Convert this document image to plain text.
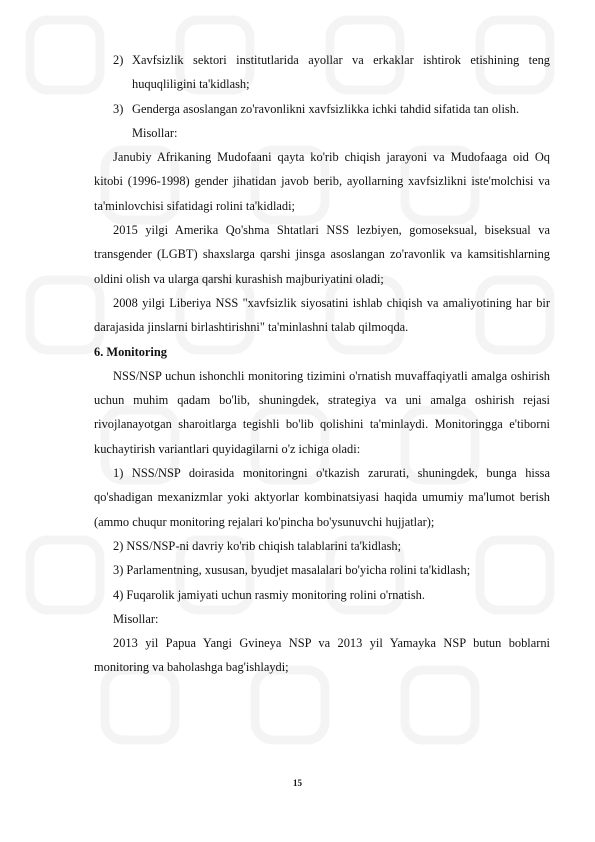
2) Xavfsizlik sektori institutlarida ayollar va erkaklar ishtirok etishining teng huquqliligini ta'kidlash;
3) Genderga asoslangan zo'ravonlikni xavfsizlikka ichki tahdid sifatida tan olish.
Misollar:
Janubiy Afrikaning Mudofaani qayta ko'rib chiqish jarayoni va Mudofaaga oid Oq kitobi (1996-1998) gender jihatidan javob berib, ayollarning xavfsizlikni iste'molchisi va ta'minlovchisi sifatidagi rolini ta'kidladi;
2015 yilgi Amerika Qo'shma Shtatlari NSS lezbiyen, gomoseksual, biseksual va transgender (LGBT) shaxslarga qarshi jinsga asoslangan zo'ravonlik va kamsitishlarning oldini olish va ularga qarshi kurashish majburiyatini oladi;
2008 yilgi Liberiya NSS "xavfsizlik siyosatini ishlab chiqish va amaliyotining har bir darajasida jinslarni birlashtirishni" ta'minlashni talab qilmoqda.
6. Monitoring
NSS/NSP uchun ishonchli monitoring tizimini o'rnatish muvaffaqiyatli amalga oshirish uchun muhim qadam bo'lib, shuningdek, strategiya va uni amalga oshirish rejasi rivojlanayotgan sharoitlarga tegishli bo'lib qolishini ta'minlaydi. Monitoringga e'tiborni kuchaytirish variantlari quyidagilarni o'z ichiga oladi:
1) NSS/NSP doirasida monitoringni o'tkazish zarurati, shuningdek, bunga hissa qo'shadigan mexanizmlar yoki aktyorlar kombinatsiyasi haqida umumiy ma'lumot berish (ammo chuqur monitoring rejalari ko'pincha bo'ysunuvchi hujjatlar);
2) NSS/NSP-ni davriy ko'rib chiqish talablarini ta'kidlash;
3) Parlamentning, xususan, byudjet masalalari bo'yicha rolini ta'kidlash;
4) Fuqarolik jamiyati uchun rasmiy monitoring rolini o'rnatish.
Misollar:
2013 yil Papua Yangi Gvineya NSP va 2013 yil Yamayka NSP butun boblarni monitoring va baholashga bag'ishlaydi;
15
